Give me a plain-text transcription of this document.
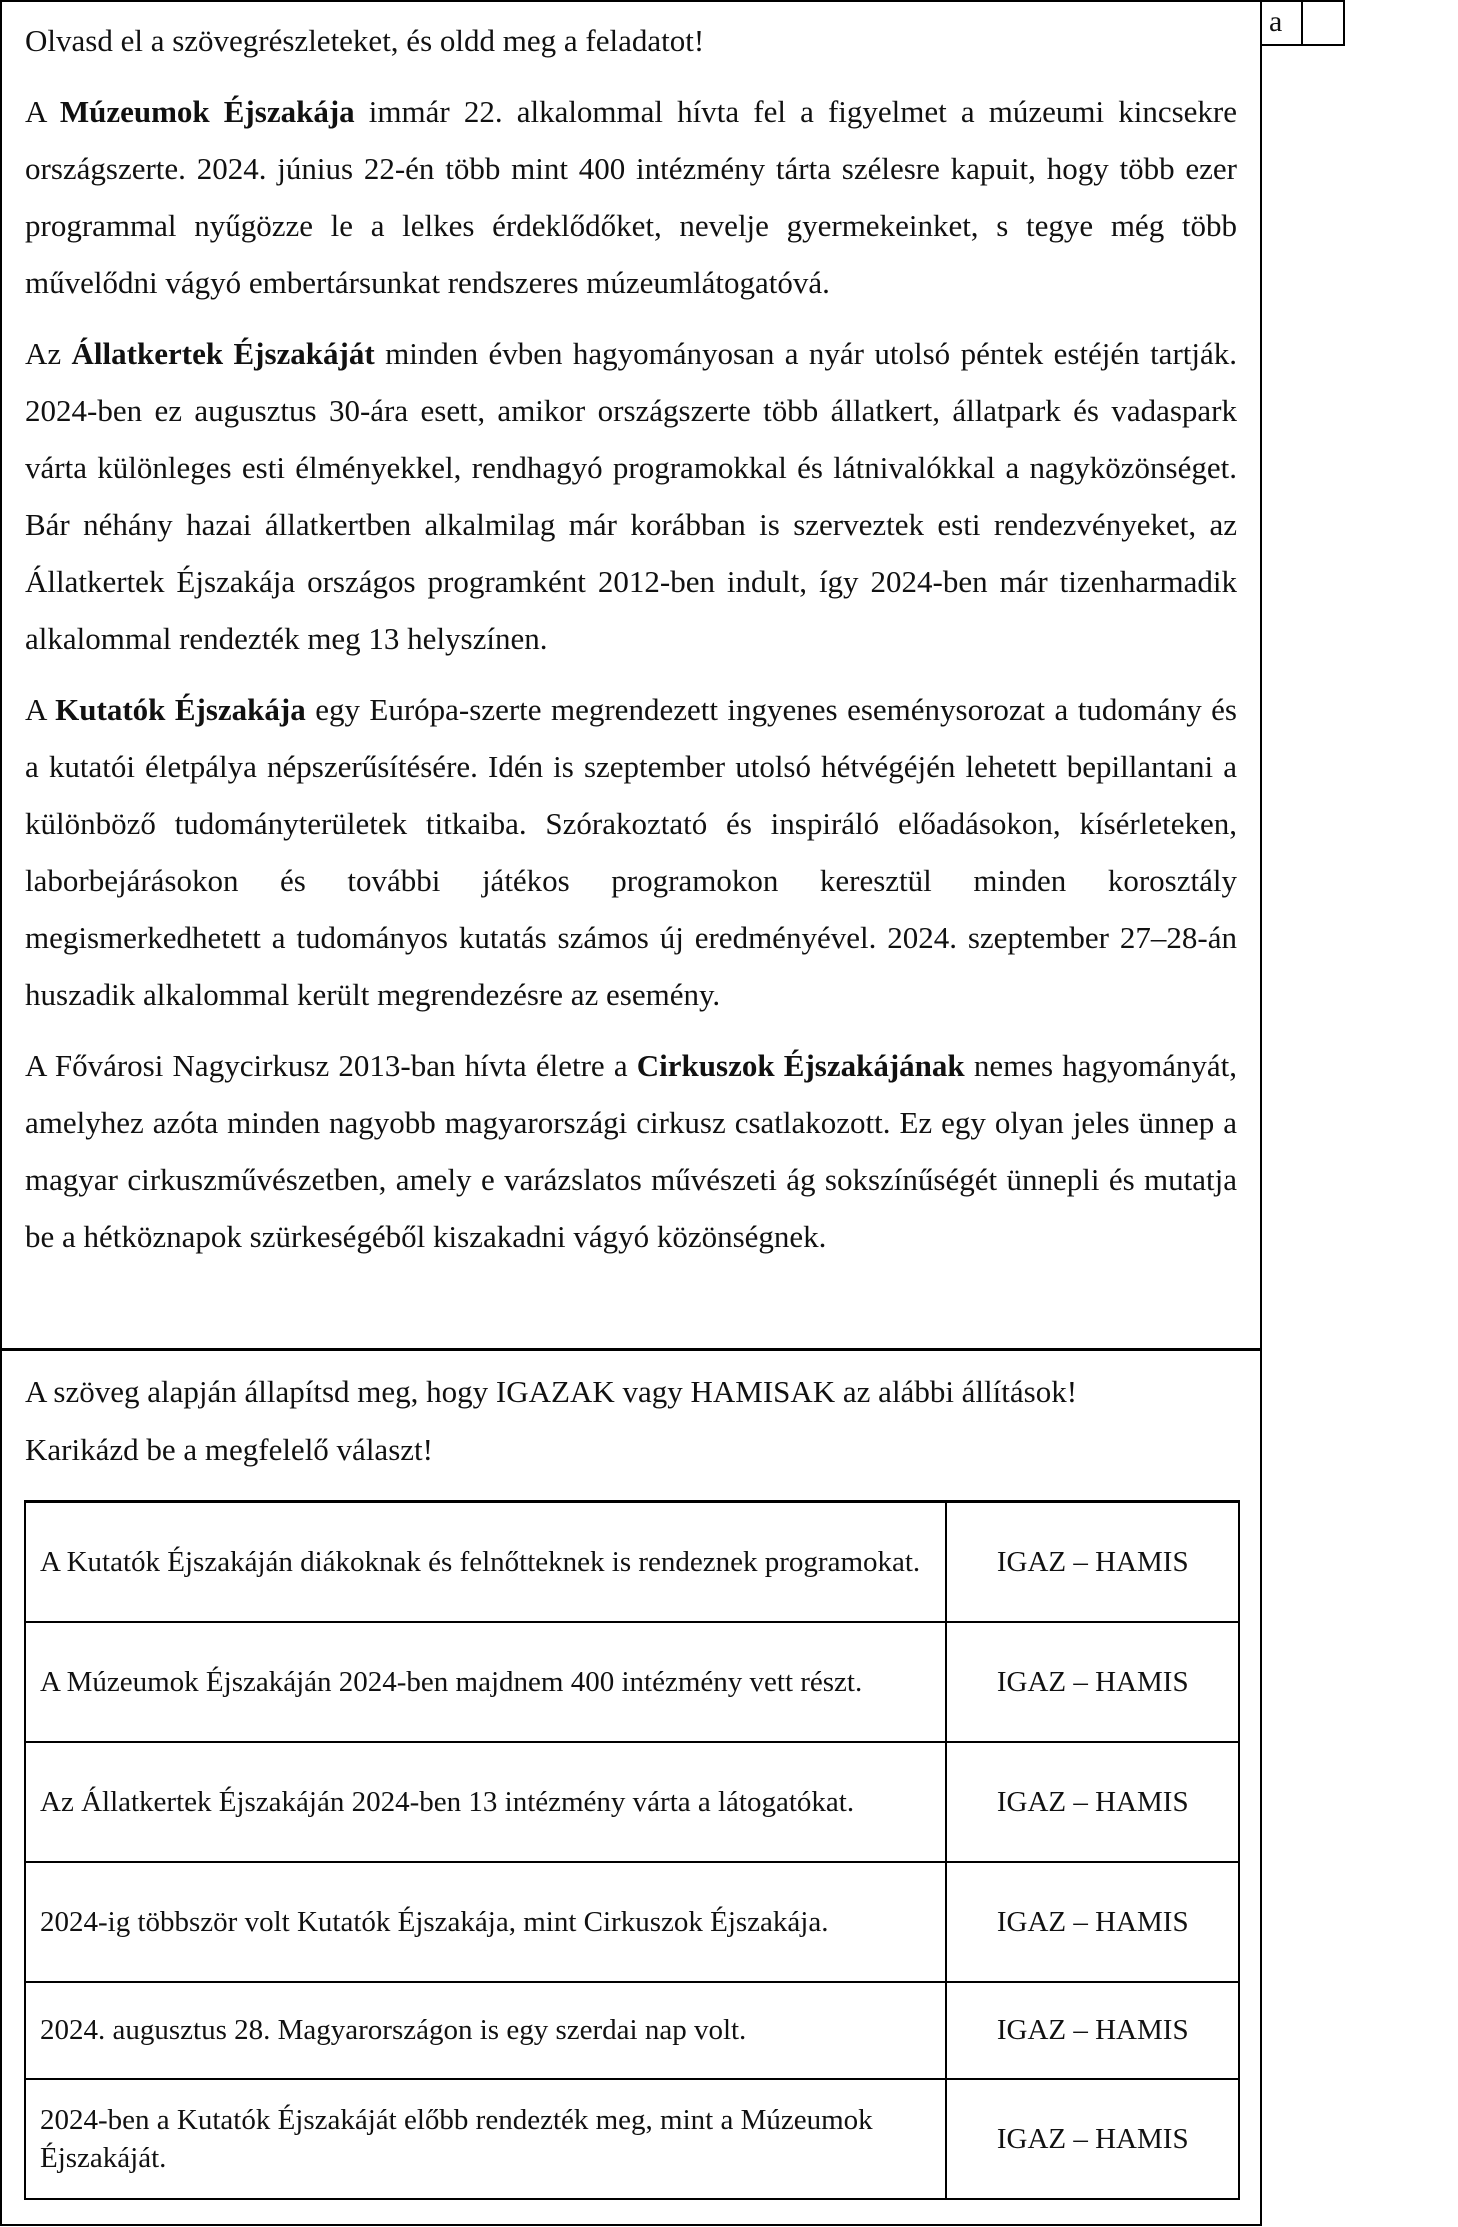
a

Olvasd el a szövegrészleteket, és oldd meg a feladatot!

A Múzeumok Éjszakája immár 22. alkalommal hívta fel a figyelmet a múzeumi kincsekre országszerte. 2024. június 22-én több mint 400 intézmény tárta szélesre kapuit, hogy több ezer programmal nyűgözze le a lelkes érdeklődőket, nevelje gyermekeinket, s tegye még több művelődni vágyó embertársunkat rendszeres múzeumlátogatóvá.

Az Állatkertek Éjszakáját minden évben hagyományosan a nyár utolsó péntek estéjén tartják. 2024-ben ez augusztus 30-ára esett, amikor országszerte több állatkert, állatpark és vadaspark várta különleges esti élményekkel, rendhagyó programokkal és látnivalókkal a nagyközönséget. Bár néhány hazai állatkertben alkalmilag már korábban is szerveztek esti rendezvényeket, az Állatkertek Éjszakája országos programként 2012-ben indult, így 2024-ben már tizenharmadik alkalommal rendezték meg 13 helyszínen.

A Kutatók Éjszakája egy Európa-szerte megrendezett ingyenes eseménysorozat a tudomány és a kutatói életpálya népszerűsítésére. Idén is szeptember utolsó hétvégéjén lehetett bepillantani a különböző tudományterületek titkaiba. Szórakoztató és inspiráló előadásokon, kísérleteken, laborbejárásokon és további játékos programokon keresztül minden korosztály megismerkedhetett a tudományos kutatás számos új eredményével. 2024. szeptember 27–28-án huszadik alkalommal került megrendezésre az esemény.

A Fővárosi Nagycirkusz 2013-ban hívta életre a Cirkuszok Éjszakájának nemes hagyományát, amelyhez azóta minden nagyobb magyarországi cirkusz csatlakozott. Ez egy olyan jeles ünnep a magyar cirkuszművészetben, amely e varázslatos művészeti ág sokszínűségét ünnepli és mutatja be a hétköznapok szürkeségéből kiszakadni vágyó közönségnek.

A szöveg alapján állapítsd meg, hogy IGAZAK vagy HAMISAK az alábbi állítások!
Karikázd be a megfelelő választ!
A Kutatók Éjszakáján diákoknak és felnőtteknek is rendeznek programokat.	IGAZ – HAMIS
A Múzeumok Éjszakáján 2024-ben majdnem 400 intézmény vett részt.	IGAZ – HAMIS
Az Állatkertek Éjszakáján 2024-ben 13 intézmény várta a látogatókat.	IGAZ – HAMIS
2024-ig többször volt Kutatók Éjszakája, mint Cirkuszok Éjszakája.	IGAZ – HAMIS
2024. augusztus 28. Magyarországon is egy szerdai nap volt.	IGAZ – HAMIS
2024-ben a Kutatók Éjszakáját előbb rendezték meg, mint a Múzeumok Éjszakáját.	IGAZ – HAMIS
